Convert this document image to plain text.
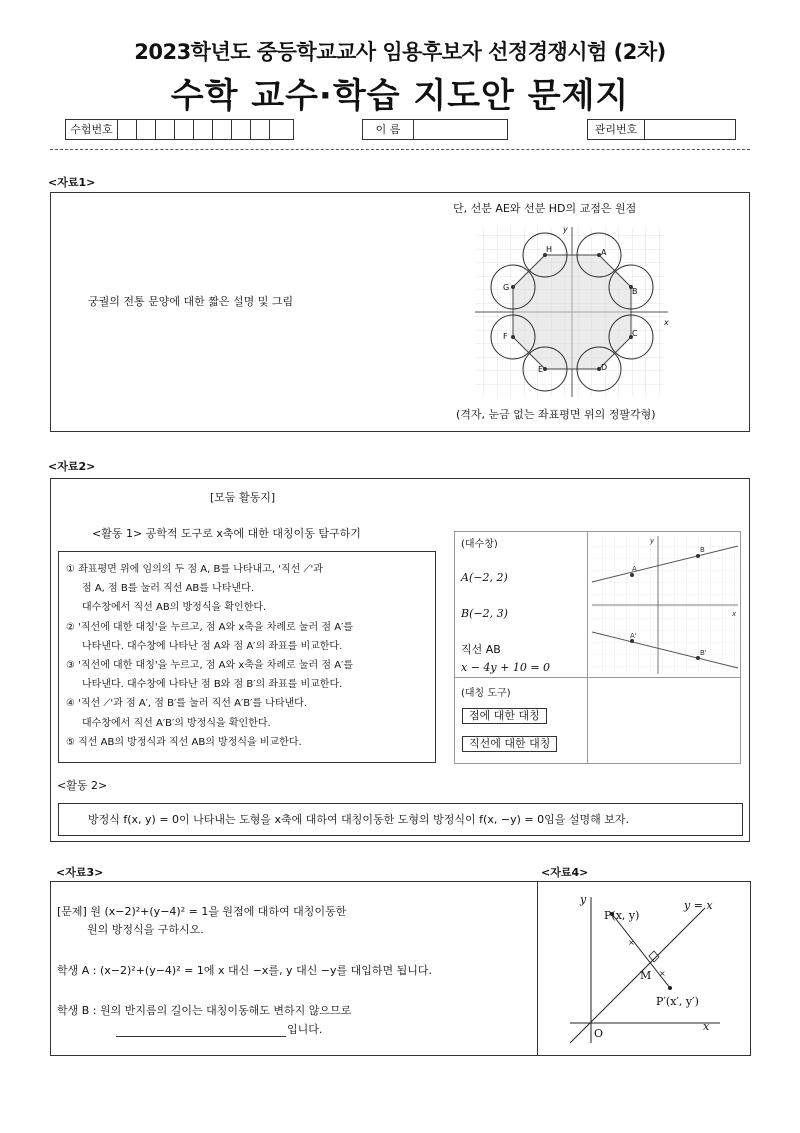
2023학년도 중등학교교사 임용후보자 선정경쟁시험 (2차)
수학 교수·학습 지도안 문제지
수험번호	이 름	관리번호
<자료1>
궁궐의 전통 문양에 대한 짧은 설명 및 그림
단, 선분 AE와 선분 HD의 교점은 원점
(격자, 눈금 없는 좌표평면 위의 정팔각형)
A
B
C
D
E
F
G
H
x
y
<자료2>
[모둠 활동지]
<활동 1> 공학적 도구로 x축에 대한 대칭이동 탐구하기
① 좌표평면 위에 임의의 두 점 A, B를 나타내고, '직선 ⟋'과
점 A, 점 B를 눌러 직선 AB를 나타낸다.
대수창에서 직선 AB의 방정식을 확인한다.
② '직선에 대한 대칭'을 누르고, 점 A와 x축을 차례로 눌러 점 A′를
나타낸다. 대수창에 나타난 점 A와 점 A′의 좌표를 비교한다.
③ '직선에 대한 대칭'을 누르고, 점 A와 x축을 차례로 눌러 점 A′를
나타낸다. 대수창에 나타난 점 B와 점 B′의 좌표를 비교한다.
④ '직선 ⟋'과 점 A′, 점 B′를 눌러 직선 A′B′를 나타낸다.
대수창에서 직선 A′B′의 방정식을 확인한다.
⑤ 직선 AB의 방정식과 직선 AB의 방정식을 비교한다.
(대수창)
A(−2, 2)
B(−2, 3)
직선 AB
x − 4y + 10 = 0
(대칭 도구)
점에 대한 대칭
직선에 대한 대칭
A
B
A'
B'
x
y
<활동 2>
방정식 f(x, y) = 0이 나타내는 도형을 x축에 대하여 대칭이동한 도형의 방정식이 f(x, −y) = 0임을 설명해 보자.
<자료3>	<자료4>
[문제] 원 (x−2)²+(y−4)² = 1을 원점에 대하여 대칭이동한
원의 방정식을 구하시오.
학생 A : (x−2)²+(y−4)² = 1에 x 대신 −x를, y 대신 −y를 대입하면 됩니다.
학생 B : 원의 반지름의 길이는 대칭이동해도 변하지 않으므로
입니다.
×
×
P(x, y)
P′(x′, y′)
M
O
y = x
x
y
